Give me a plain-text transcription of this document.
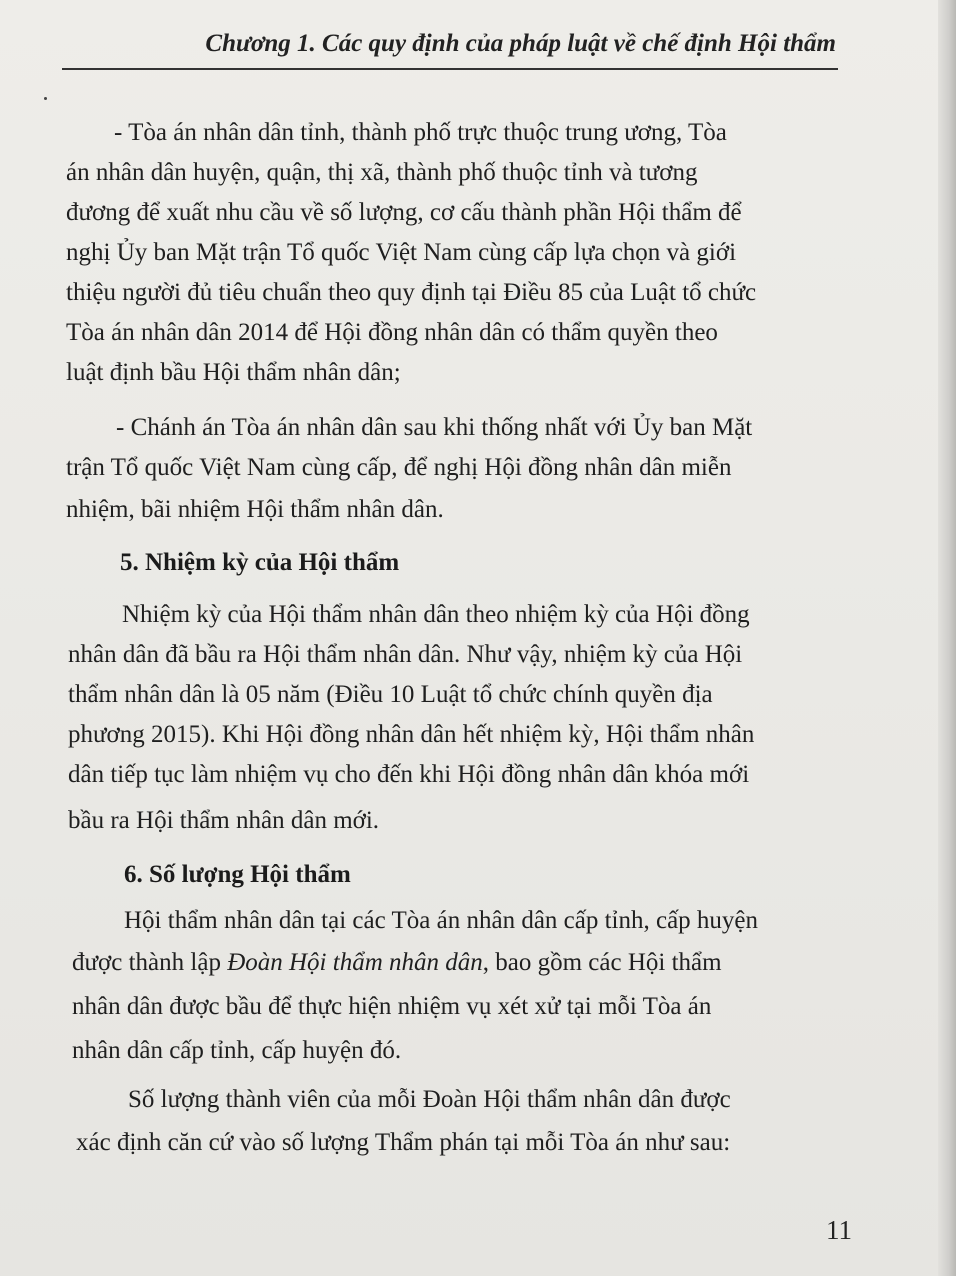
Chương 1. Các quy định của pháp luật về chế định Hội thẩm
- Tòa án nhân dân tỉnh, thành phố trực thuộc trung ương, Tòa
án nhân dân huyện, quận, thị xã, thành phố thuộc tỉnh và tương
đương để xuất nhu cầu về số lượng, cơ cấu thành phần Hội thẩm để
nghị Ủy ban Mặt trận Tổ quốc Việt Nam cùng cấp lựa chọn và giới
thiệu người đủ tiêu chuẩn theo quy định tại Điều 85 của Luật tổ chức
Tòa án nhân dân 2014 để Hội đồng nhân dân có thẩm quyền theo
luật định bầu Hội thẩm nhân dân;
- Chánh án Tòa án nhân dân sau khi thống nhất với Ủy ban Mặt
trận Tổ quốc Việt Nam cùng cấp, để nghị Hội đồng nhân dân miễn
nhiệm, bãi nhiệm Hội thẩm nhân dân.
5. Nhiệm kỳ của Hội thẩm
Nhiệm kỳ của Hội thẩm nhân dân theo nhiệm kỳ của Hội đồng
nhân dân đã bầu ra Hội thẩm nhân dân. Như vậy, nhiệm kỳ của Hội
thẩm nhân dân là 05 năm (Điều 10 Luật tổ chức chính quyền địa
phương 2015). Khi Hội đồng nhân dân hết nhiệm kỳ, Hội thẩm nhân
dân tiếp tục làm nhiệm vụ cho đến khi Hội đồng nhân dân khóa mới
bầu ra Hội thẩm nhân dân mới.
6. Số lượng Hội thẩm
Hội thẩm nhân dân tại các Tòa án nhân dân cấp tỉnh, cấp huyện
được thành lập Đoàn Hội thẩm nhân dân, bao gồm các Hội thẩm
nhân dân được bầu để thực hiện nhiệm vụ xét xử tại mỗi Tòa án
nhân dân cấp tỉnh, cấp huyện đó.
Số lượng thành viên của mỗi Đoàn Hội thẩm nhân dân được
xác định căn cứ vào số lượng Thẩm phán tại mỗi Tòa án như sau:
11
